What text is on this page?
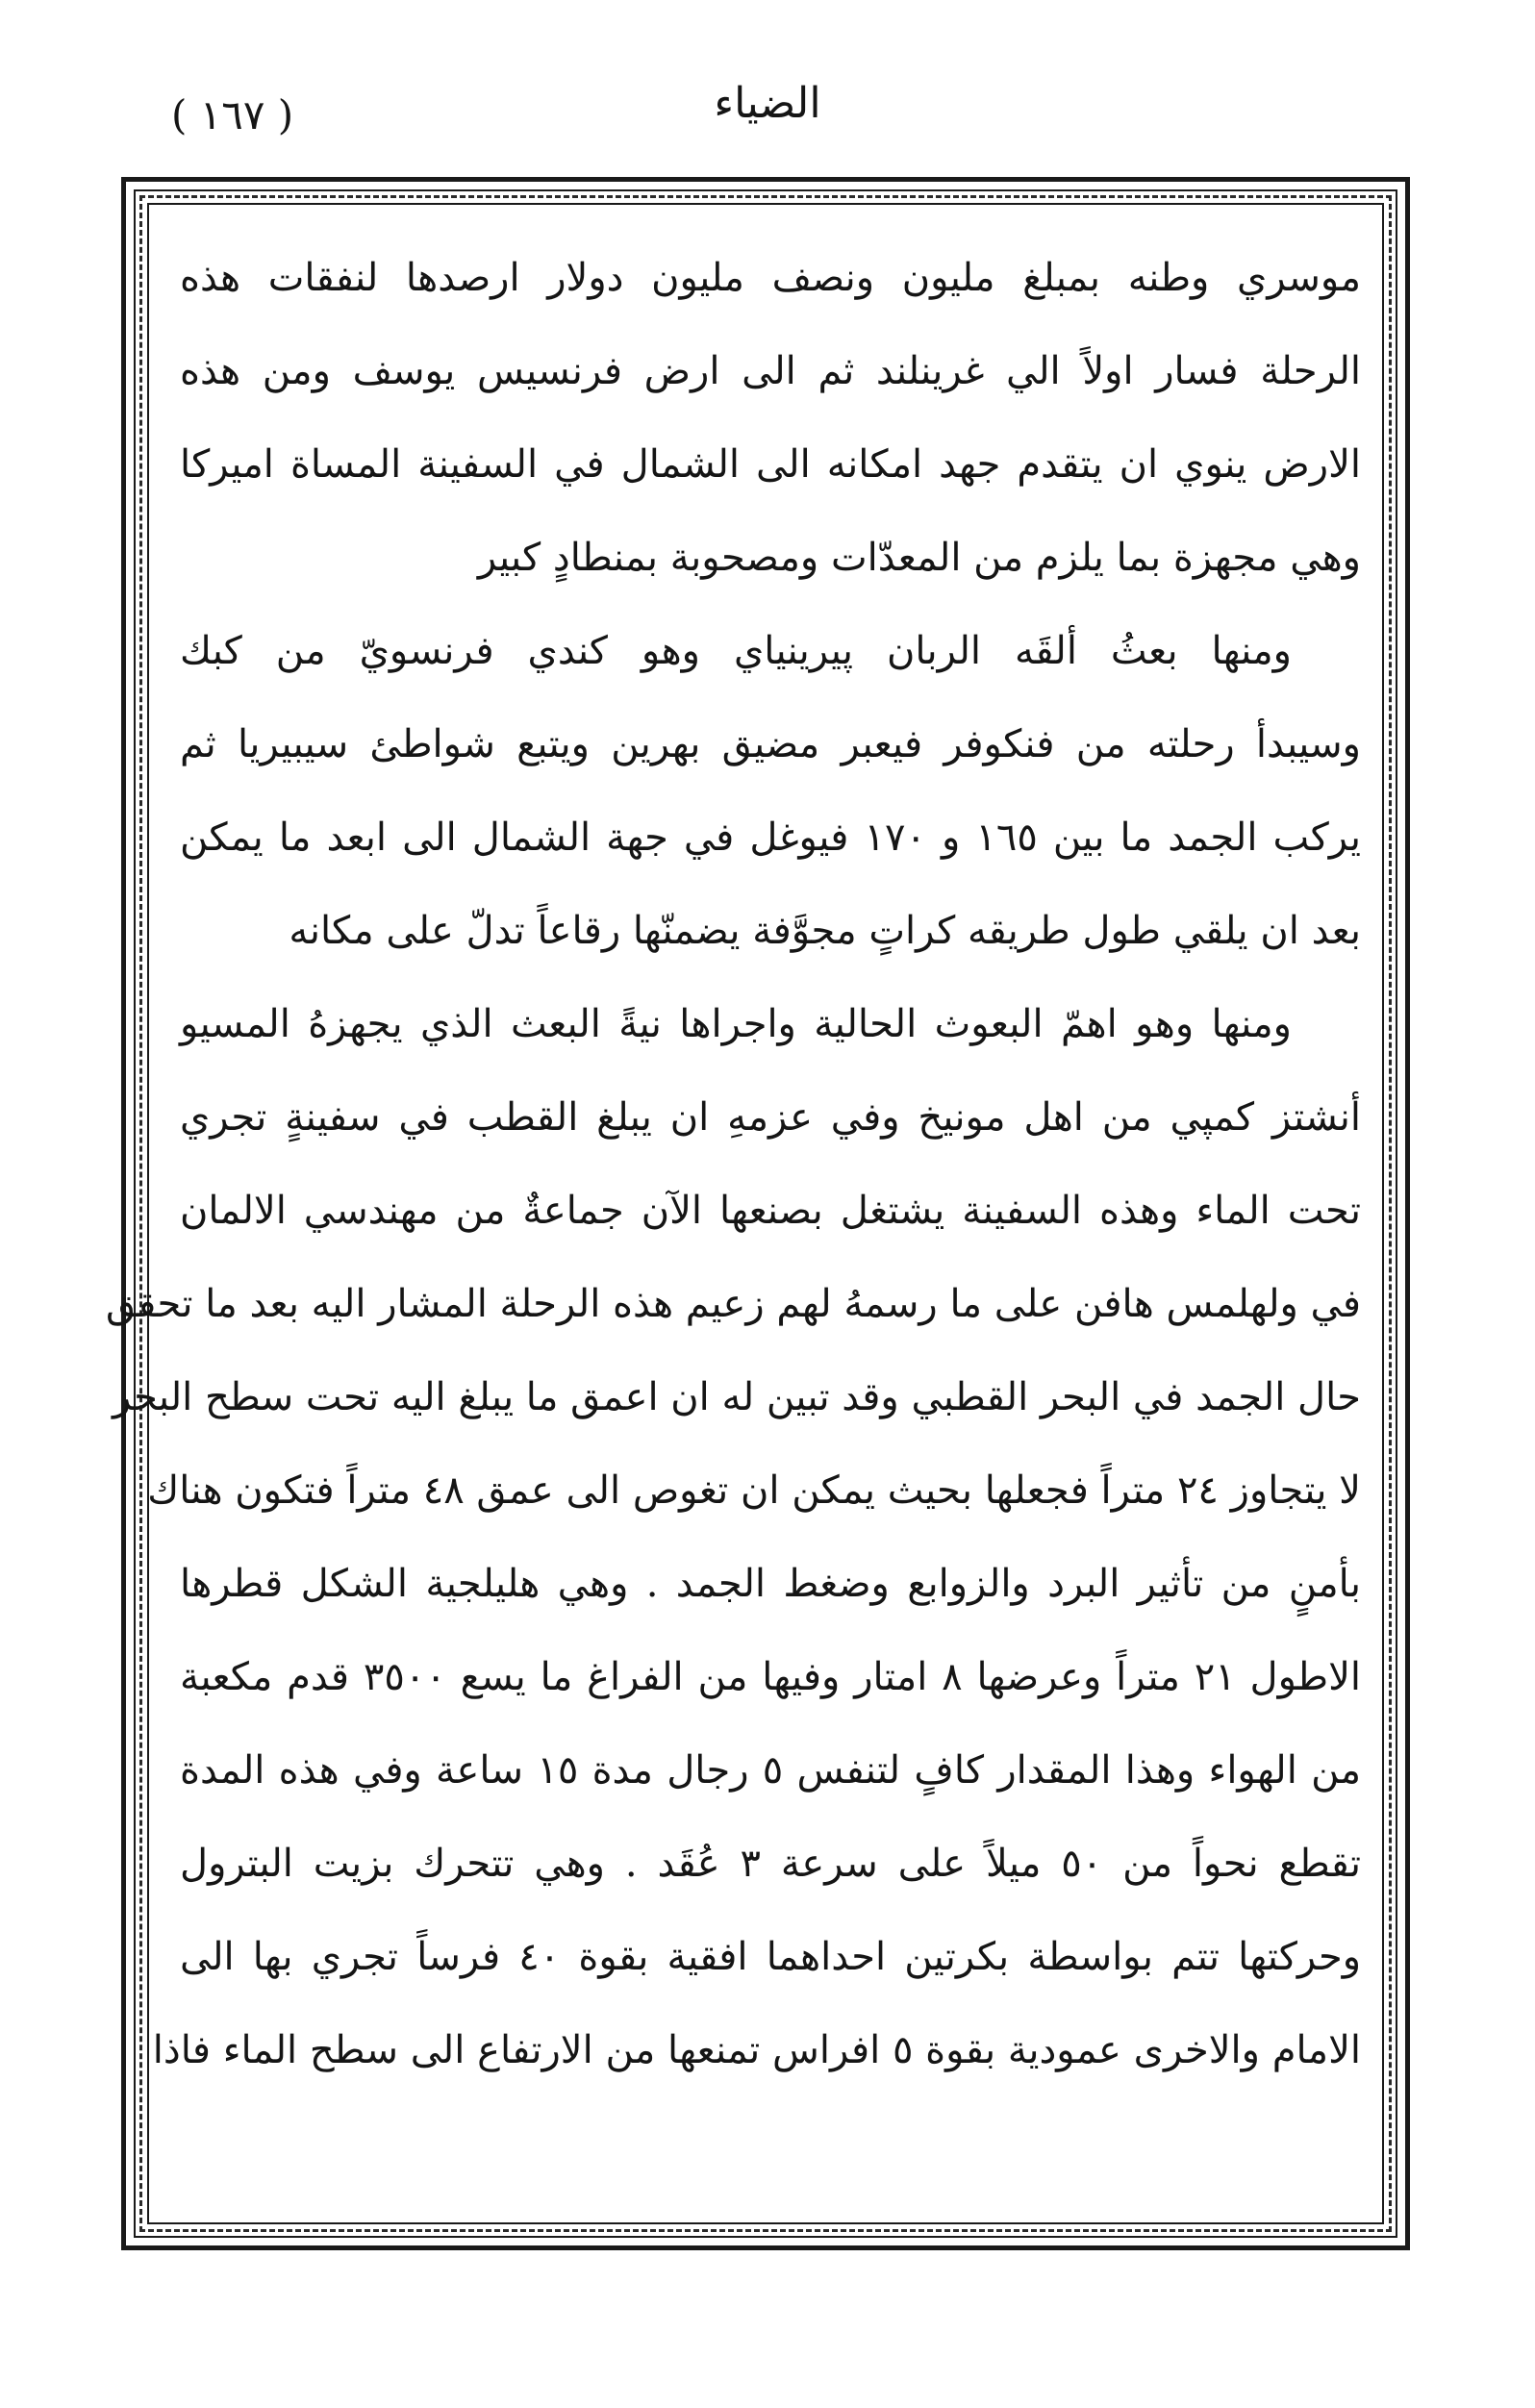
الضياء
( ١٦٧ )
موسري وطنه بمبلغ مليون ونصف مليون دولار ارصدها لنفقات هذه
الرحلة فسار اولاً الي غرينلند ثم الى ارض فرنسيس يوسف ومن هذه
الارض ينوي ان يتقدم جهد امكانه الى الشمال في السفينة المساة اميركا
وهي مجهزة بما يلزم من المعدّات ومصحوبة بمنطادٍ كبير
ومنها بعثُ ألقَه الربان پيرينياي وهو كندي فرنسويّ من كبك
وسيبدأ رحلته من فنكوفر فيعبر مضيق بهرين ويتبع شواطئ سيبيريا ثم
يركب الجمد ما بين ١٦٥ و ١٧٠ فيوغل في جهة الشمال الى ابعد ما يمكن
بعد ان يلقي طول طريقه كراتٍ مجوَّفة يضمنّها رقاعاً تدلّ على مكانه
ومنها وهو اهمّ البعوث الحالية واجراها نيةً البعث الذي يجهزهُ المسيو
أنشتز كمپي من اهل مونيخ وفي عزمهِ ان يبلغ القطب في سفينةٍ تجري
تحت الماء وهذه السفينة يشتغل بصنعها الآن جماعةٌ من مهندسي الالمان
في ولهلمس هافن على ما رسمهُ لهم زعيم هذه الرحلة المشار اليه بعد ما تحقق
حال الجمد في البحر القطبي وقد تبين له ان اعمق ما يبلغ اليه تحت سطح البحر
لا يتجاوز ٢٤ متراً فجعلها بحيث يمكن ان تغوص الى عمق ٤٨ متراً فتكون هناك
بأمنٍ من تأثير البرد والزوابع وضغط الجمد . وهي هليلجية الشكل قطرها
الاطول ٢١ متراً وعرضها ٨ امتار وفيها من الفراغ ما يسع ٣٥٠٠ قدم مكعبة
من الهواء وهذا المقدار كافٍ لتنفس ٥ رجال مدة ١٥ ساعة وفي هذه المدة
تقطع نحواً من ٥٠ ميلاً على سرعة ٣ عُقَد . وهي تتحرك بزيت البترول
وحركتها تتم بواسطة بكرتين احداهما افقية بقوة ٤٠ فرساً تجري بها الى
الامام والاخرى عمودية بقوة ٥ افراس تمنعها من الارتفاع الى سطح الماء فاذا
